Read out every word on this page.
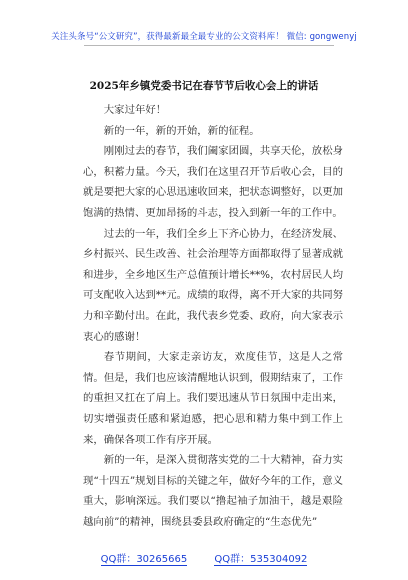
关注头条号“公文研究”，获得最新最全最专业的公文资料库！ 微信: gongwenyj
2025年乡镇党委书记在春节节后收心会上的讲话

大家过年好！

新的一年，新的开始，新的征程。

刚刚过去的春节，我们阖家团圆，共享天伦，放松身心，积蓄力量。今天，我们在这里召开节后收心会，目的就是要把大家的心思迅速收回来，把状态调整好，以更加饱满的热情、更加昂扬的斗志，投入到新一年的工作中。

过去的一年，我们全乡上下齐心协力，在经济发展、乡村振兴、民生改善、社会治理等方面都取得了显著成就和进步，全乡地区生产总值预计增长**%，农村居民人均可支配收入达到**元。成绩的取得，离不开大家的共同努力和辛勤付出。在此，我代表乡党委、政府，向大家表示衷心的感谢！

春节期间，大家走亲访友，欢度佳节，这是人之常情。但是，我们也应该清醒地认识到，假期结束了，工作的重担又扛在了肩上。我们要迅速从节日氛围中走出来，切实增强责任感和紧迫感，把心思和精力集中到工作上来，确保各项工作有序开展。

新的一年，是深入贯彻落实党的二十大精神，奋力实现“十四五”规划目标的关键之年，做好今年的工作，意义重大，影响深远。我们要以“撸起袖子加油干，越是艰险越向前”的精神，围绕县委县政府确定的“生态优先”

QQ群：30265665	QQ群：535304092
